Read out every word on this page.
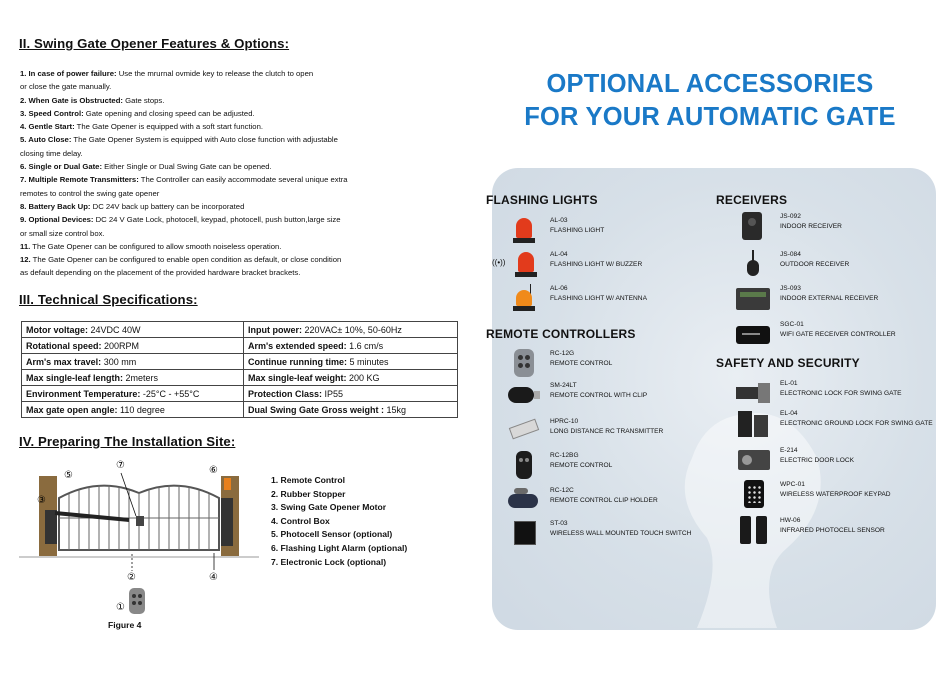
II. Swing Gate Opener Features & Options:
1. In case of power failure: Use the mrurnal ovmide key to release the clutch to open
or close the gate manually.
2. When Gate is Obstructed: Gate stops.
3. Speed Control: Gate opening and closing speed can be adjusted.
4. Gentle Start: The Gate Opener is equipped with a soft start function.
5. Auto Close: The Gate Opener System is equipped with Auto close function with adjustable
closing time delay.
6. Single or Dual Gate: Either Single or Dual Swing Gate can be opened.
7. Multiple Remote Transmitters: The Controller can easily accommodate several unique extra
remotes to control the swing gate opener
8. Battery Back Up: DC 24V back up battery can be incorporated
9. Optional Devices: DC 24 V Gate Lock, photocell, keypad, photocell, push button,large size
or small size control box.
11. The Gate Opener can be configured to allow smooth noiseless operation.
12. The Gate Opener can be configured to enable open condition as default, or close condition
as default depending on the placement of the provided hardware bracket brackets.
III. Technical Specifications:
Motor voltage: 24VDC 40W	Input power: 220VAC± 10%, 50-60Hz
Rotational speed: 200RPM	Arm's extended speed: 1.6 cm/s
Arm's max travel: 300 mm	Continue running time: 5 minutes
Max single-leaf length: 2meters	Max single-leaf weight: 200 KG
Environment Temperature: -25°C - +55°C	Protection Class: IP55
Max gate open angle: 110 degree	Dual Swing Gate Gross weight : 15kg
IV. Preparing The Installation Site:
⑤
⑦	⑥
③
②	④
①
1. Remote Control
2. Rubber Stopper
3. Swing Gate Opener Motor
4. Control Box
5. Photocell Sensor (optional)
6. Flashing Light Alarm (optional)
7. Electronic Lock (optional)
Figure 4
OPTIONAL ACCESSORIES
FOR YOUR AUTOMATIC GATE
ALTECH
FLASHING LIGHTS	RECEIVERS
REMOTE CONTROLLERS
SAFETY AND SECURITY
AL-03
FLASHING LIGHT
((•))
AL-04
FLASHING LIGHT W/ BUZZER
AL-06
FLASHING LIGHT W/ ANTENNA
JS-092
INDOOR RECEIVER
JS-084
OUTDOOR RECEIVER
JS-093
INDOOR EXTERNAL RECEIVER
SGC-01
WIFI GATE RECEIVER CONTROLLER
RC-12G
REMOTE CONTROL
SM-24LT
REMOTE CONTROL WITH CLIP
HPRC-10
LONG DISTANCE RC TRANSMITTER
RC-12BG
REMOTE CONTROL
RC-12C
REMOTE CONTROL CLIP HOLDER
ST-03
WIRELESS WALL MOUNTED TOUCH SWITCH
EL-01
ELECTRONIC LOCK FOR SWING GATE
EL-04
ELECTRONIC GROUND LOCK FOR SWING GATE
E-214
ELECTRIC DOOR LOCK
WPC-01
WIRELESS WATERPROOF KEYPAD
HW-06
INFRARED PHOTOCELL SENSOR
